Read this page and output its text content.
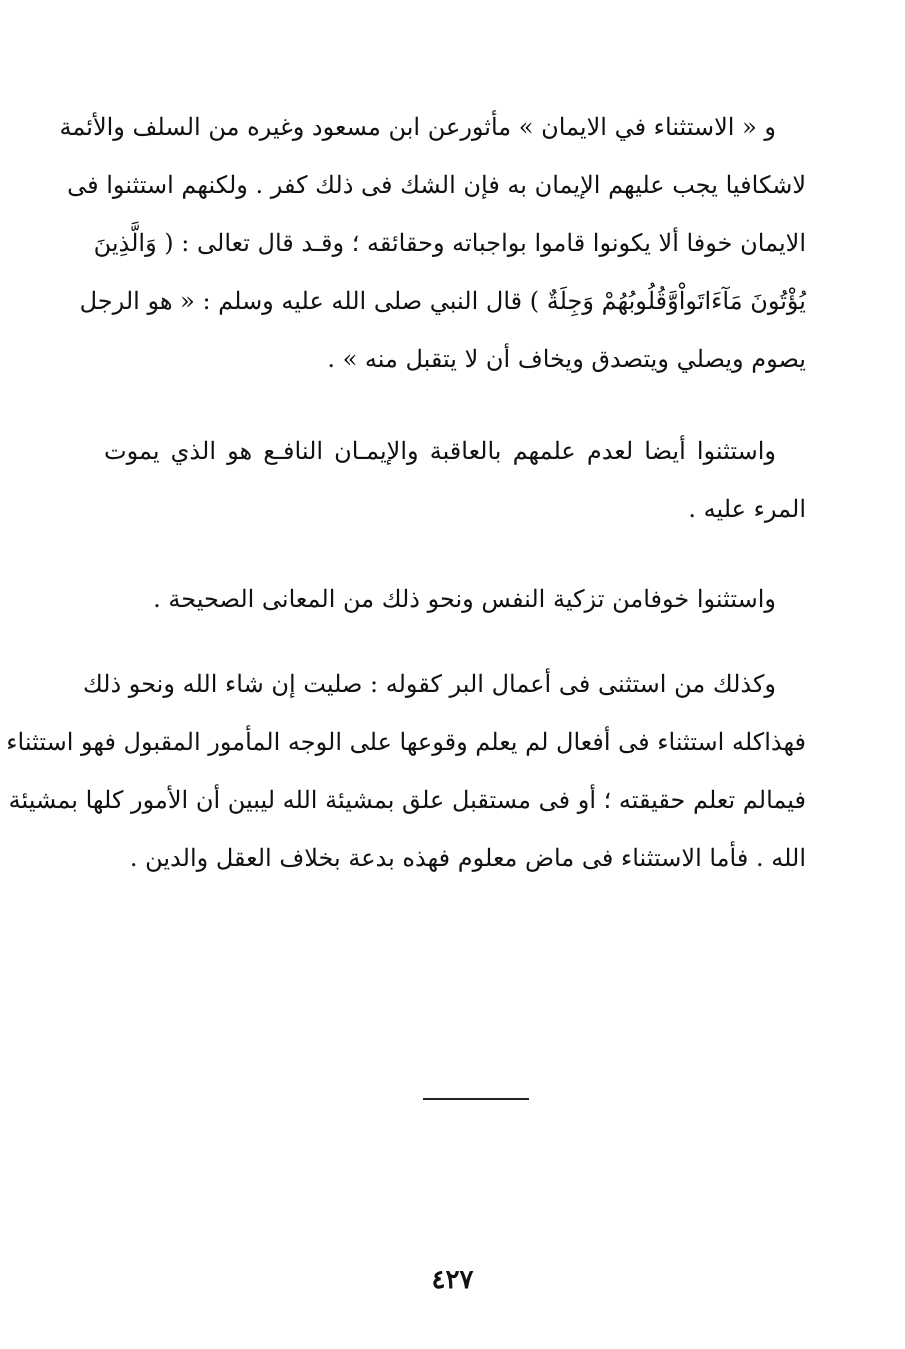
و « الاستثناء في الايمان » مأثورعن ابن مسعود وغيره من السلف والأئمة
لاشكافيا يجب عليهم الإيمان به فإن الشك فى ذلك كفر . ولكنهم استثنوا فى
الايمان خوفا ألا يكونوا قاموا بواجباته وحقائقه ؛ وقـد قال تعالى : ( وَالَّذِينَ
يُؤْتُونَ مَآءَاتَواْوَّقُلُوبُهُمْ وَجِلَةٌ ) قال النبي صلى الله عليه وسلم : « هو الرجل
يصوم ويصلي ويتصدق ويخاف أن لا يتقبل منه » .
واستثنوا أيضا لعدم علمهم بالعاقبة والإيمـان النافـع هو الذي يموت
المرء عليه .
واستثنوا خوفامن تزكية النفس ونحو ذلك من المعانى الصحيحة .
وكذلك من استثنى فى أعمال البر كقوله : صليت إن شاء الله ونحو ذلك
فهذاكله استثناء فى أفعال لم يعلم وقوعها على الوجه المأمور المقبول فهو استثناء
فيمالم تعلم حقيقته ؛ أو فى مستقبل علق بمشيئة الله ليبين أن الأمور كلها بمشيئة
الله . فأما الاستثناء فى ماض معلوم فهذه بدعة بخلاف العقل والدين .
٤٢٧
